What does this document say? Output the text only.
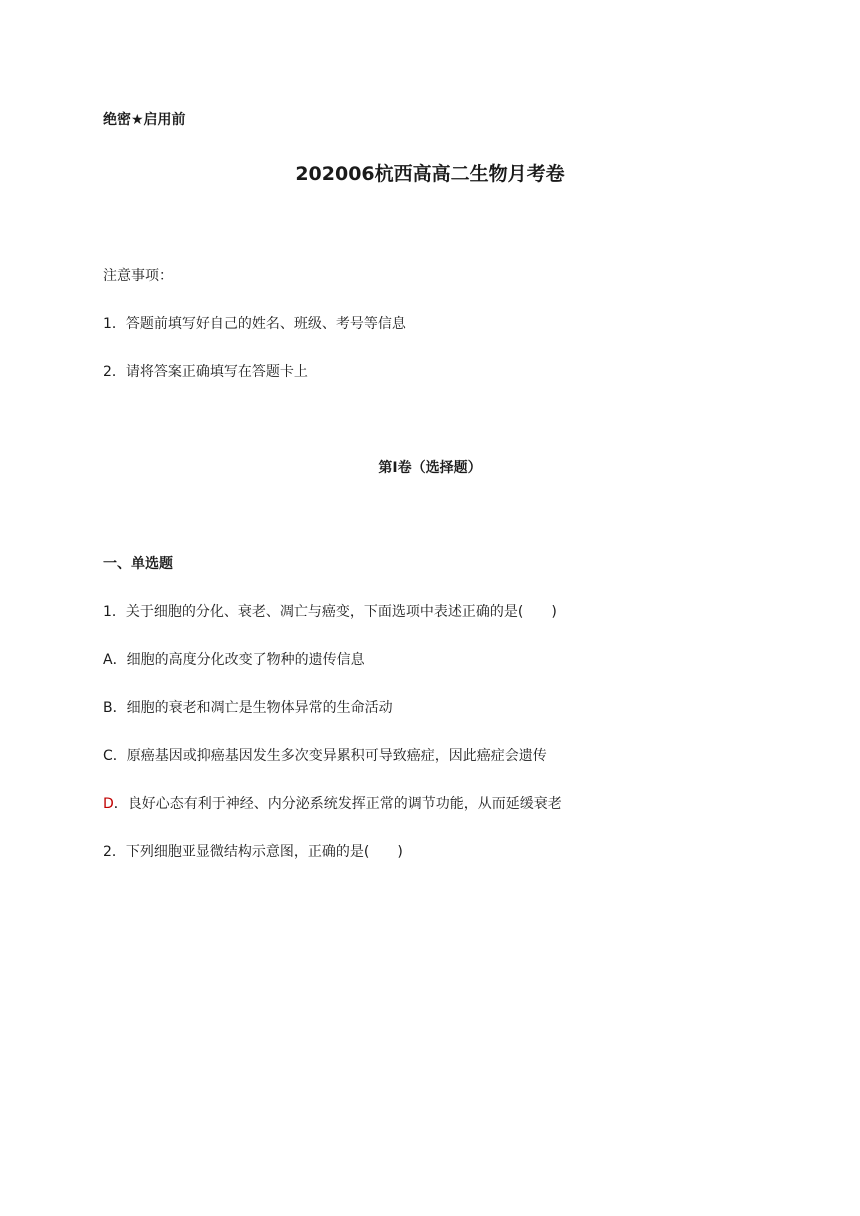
绝密★启用前
202006杭西高高二生物月考卷
注意事项：
1．答题前填写好自己的姓名、班级、考号等信息
2．请将答案正确填写在答题卡上
第I卷（选择题）
一、单选题
1．关于细胞的分化、衰老、凋亡与癌变，下面选项中表述正确的是(　　)
A．细胞的高度分化改变了物种的遗传信息
B．细胞的衰老和凋亡是生物体异常的生命活动
C．原癌基因或抑癌基因发生多次变异累积可导致癌症，因此癌症会遗传
D．良好心态有利于神经、内分泌系统发挥正常的调节功能，从而延缓衰老
2．下列细胞亚显微结构示意图，正确的是(　　)
